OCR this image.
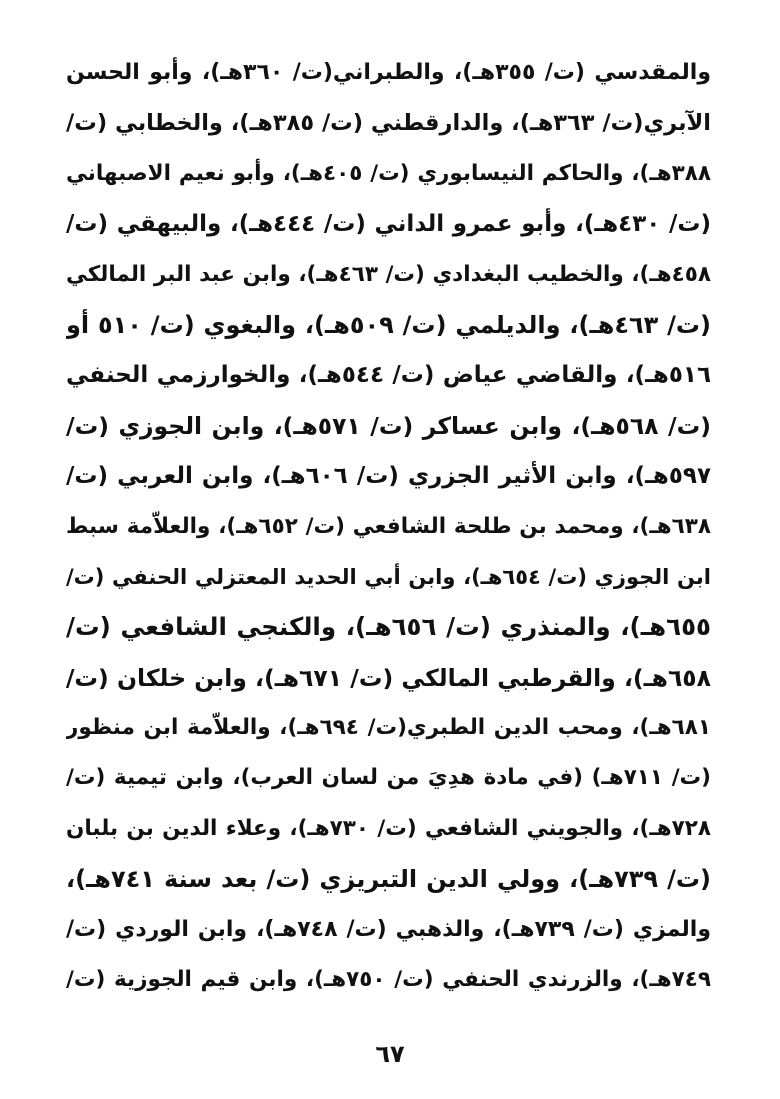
والمقدسي (ت/ ٣٥٥هـ)، والطبراني(ت/ ٣٦٠هـ)، وأبو الحسن
الآبري(ت/ ٣٦٣هـ)، والدارقطني (ت/ ٣٨٥هـ)، والخطابي (ت/
٣٨٨هـ)، والحاكم النيسابوري (ت/ ٤٠٥هـ)، وأبو نعيم الاصبهاني
(ت/ ٤٣٠هـ)، وأبو عمرو الداني (ت/ ٤٤٤هـ)، والبيهقي (ت/
٤٥٨هـ)، والخطيب البغدادي (ت/ ٤٦٣هـ)، وابن عبد البر المالكي
(ت/ ٤٦٣هـ)، والديلمي (ت/ ٥٠٩هـ)، والبغوي (ت/ ٥١٠ أو
٥١٦هـ)، والقاضي عياض (ت/ ٥٤٤هـ)، والخوارزمي الحنفي
(ت/ ٥٦٨هـ)، وابن عساكر (ت/ ٥٧١هـ)، وابن الجوزي (ت/
٥٩٧هـ)، وابن الأثير الجزري (ت/ ٦٠٦هـ)، وابن العربي (ت/
٦٣٨هـ)، ومحمد بن طلحة الشافعي (ت/ ٦٥٢هـ)، والعلاّمة سبط
ابن الجوزي (ت/ ٦٥٤هـ)، وابن أبي الحديد المعتزلي الحنفي (ت/
٦٥٥هـ)، والمنذري (ت/ ٦٥٦هـ)، والكنجي الشافعي (ت/
٦٥٨هـ)، والقرطبي المالكي (ت/ ٦٧١هـ)، وابن خلكان (ت/
٦٨١هـ)، ومحب الدين الطبري(ت/ ٦٩٤هـ)، والعلاّمة ابن منظور
(ت/ ٧١١هـ) (في مادة هدِيَ من لسان العرب)، وابن تيمية (ت/
٧٢٨هـ)، والجويني الشافعي (ت/ ٧٣٠هـ)، وعلاء الدين بن بلبان
(ت/ ٧٣٩هـ)، وولي الدين التبريزي (ت/ بعد سنة ٧٤١هـ)،
والمزي (ت/ ٧٣٩هـ)، والذهبي (ت/ ٧٤٨هـ)، وابن الوردي (ت/
٧٤٩هـ)، والزرندي الحنفي (ت/ ٧٥٠هـ)، وابن قيم الجوزية (ت/
٦٧
